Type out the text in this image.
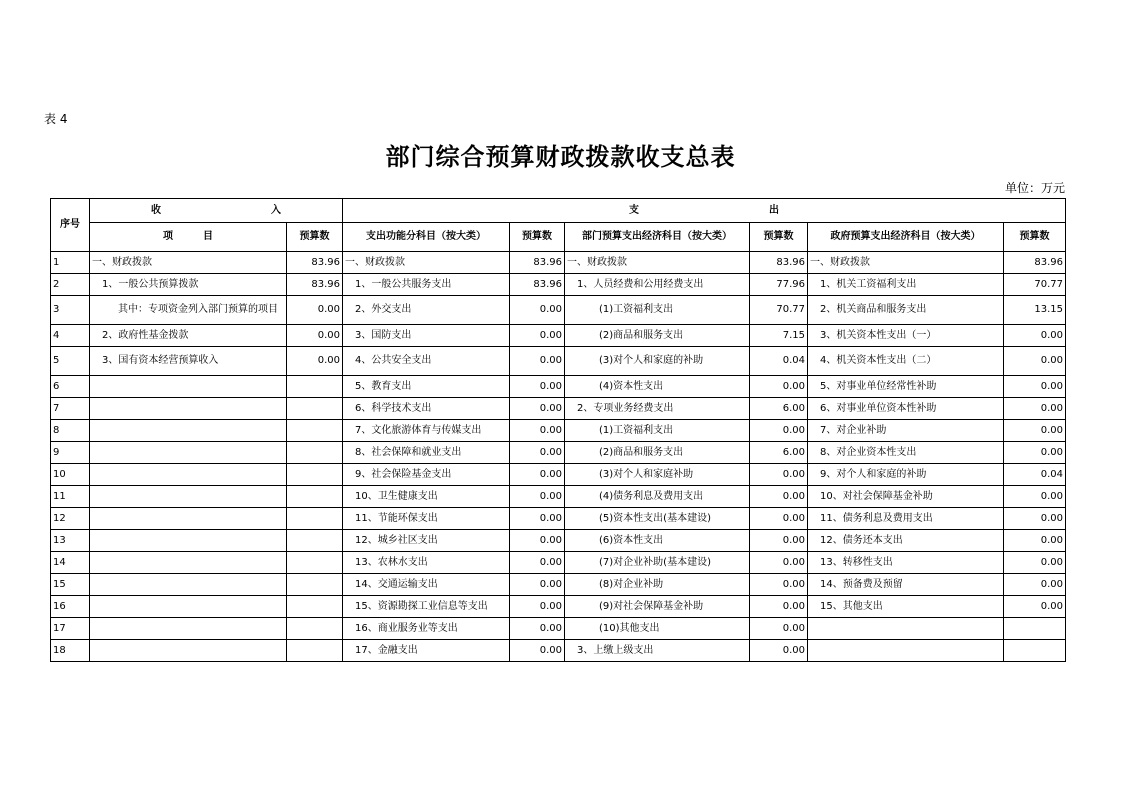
表 4
部门综合预算财政拨款收支总表
单位：万元
序号	收 入		支 出					
	项 目	预算数	支出功能分科目（按大类）	预算数	部门预算支出经济科目（按大类）	预算数	政府预算支出经济科目（按大类）	预算数
1	一、财政拨款	83.96	一、财政拨款	83.96	一、财政拨款	83.96	一、财政拨款	83.96
2	1、一般公共预算拨款	83.96	1、一般公共服务支出	83.96	1、人员经费和公用经费支出	77.96	1、机关工资福利支出	70.77
3	其中：专项资金列入部门预算的项目	0.00	2、外交支出	0.00	(1)工资福利支出	70.77	2、机关商品和服务支出	13.15
4	2、政府性基金拨款	0.00	3、国防支出	0.00	(2)商品和服务支出	7.15	3、机关资本性支出（一）	0.00
5	3、国有资本经营预算收入	0.00	4、公共安全支出	0.00	(3)对个人和家庭的补助	0.04	4、机关资本性支出（二）	0.00
6			5、教育支出	0.00	(4)资本性支出	0.00	5、对事业单位经常性补助	0.00
7			6、科学技术支出	0.00	2、专项业务经费支出	6.00	6、对事业单位资本性补助	0.00
8			7、文化旅游体育与传媒支出	0.00	(1)工资福利支出	0.00	7、对企业补助	0.00
9			8、社会保障和就业支出	0.00	(2)商品和服务支出	6.00	8、对企业资本性支出	0.00
10			9、社会保险基金支出	0.00	(3)对个人和家庭补助	0.00	9、对个人和家庭的补助	0.04
11			10、卫生健康支出	0.00	(4)债务利息及费用支出	0.00	10、对社会保障基金补助	0.00
12			11、节能环保支出	0.00	(5)资本性支出(基本建设)	0.00	11、债务利息及费用支出	0.00
13			12、城乡社区支出	0.00	(6)资本性支出	0.00	12、债务还本支出	0.00
14			13、农林水支出	0.00	(7)对企业补助(基本建设)	0.00	13、转移性支出	0.00
15			14、交通运输支出	0.00	(8)对企业补助	0.00	14、预备费及预留	0.00
16			15、资源勘探工业信息等支出	0.00	(9)对社会保障基金补助	0.00	15、其他支出	0.00
17			16、商业服务业等支出	0.00	(10)其他支出	0.00		
18			17、金融支出	0.00	3、上缴上级支出	0.00		
